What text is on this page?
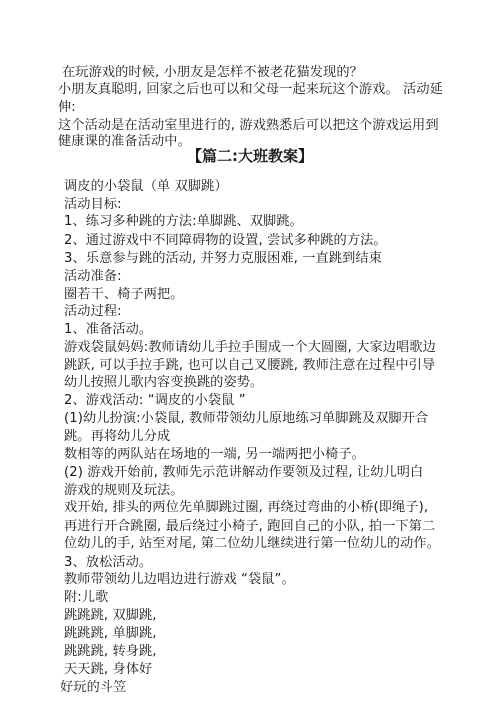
在玩游戏的时候, 小朋友是怎样不被老花猫发现的？
小朋友真聪明, 回家之后也可以和父母一起来玩这个游戏。 活动延
伸:
这个活动是在活动室里进行的, 游戏熟悉后可以把这个游戏运用到
健康课的准备活动中。
【篇二:大班教案】
调皮的小袋鼠（单 双脚跳）
活动目标:
1、练习多种跳的方法:单脚跳、双脚跳。
2、通过游戏中不同障碍物的设置, 尝试多种跳的方法。
3、乐意参与跳的活动, 并努力克服困难, 一直跳到结束
活动准备:
圈若干、椅子两把。
活动过程:
1、准备活动。
游戏袋鼠妈妈:教师请幼儿手拉手围成一个大圆圈, 大家边唱歌边
跳跃, 可以手拉手跳, 也可以自己叉腰跳, 教师注意在过程中引导
幼儿按照儿歌内容变换跳的姿势。
2、游戏活动: “调皮的小袋鼠 ”
(1)幼儿扮演:小袋鼠, 教师带领幼儿原地练习单脚跳及双脚开合
跳。再将幼儿分成
数相等的两队站在场地的一端, 另一端两把小椅子。
(2) 游戏开始前, 教师先示范讲解动作要领及过程, 让幼儿明白
游戏的规则及玩法。
戏开始, 排头的两位先单脚跳过圈, 再绕过弯曲的小桥(即绳子),
再进行开合跳圈, 最后绕过小椅子, 跑回自己的小队, 拍一下第二
位幼儿的手, 站至对尾, 第二位幼儿继续进行第一位幼儿的动作。
3、放松活动。
教师带领幼儿边唱边进行游戏 “袋鼠”。
附:儿歌
跳跳跳, 双脚跳,
跳跳跳, 单脚跳,
跳跳跳, 转身跳,
天天跳, 身体好
好玩的斗笠
